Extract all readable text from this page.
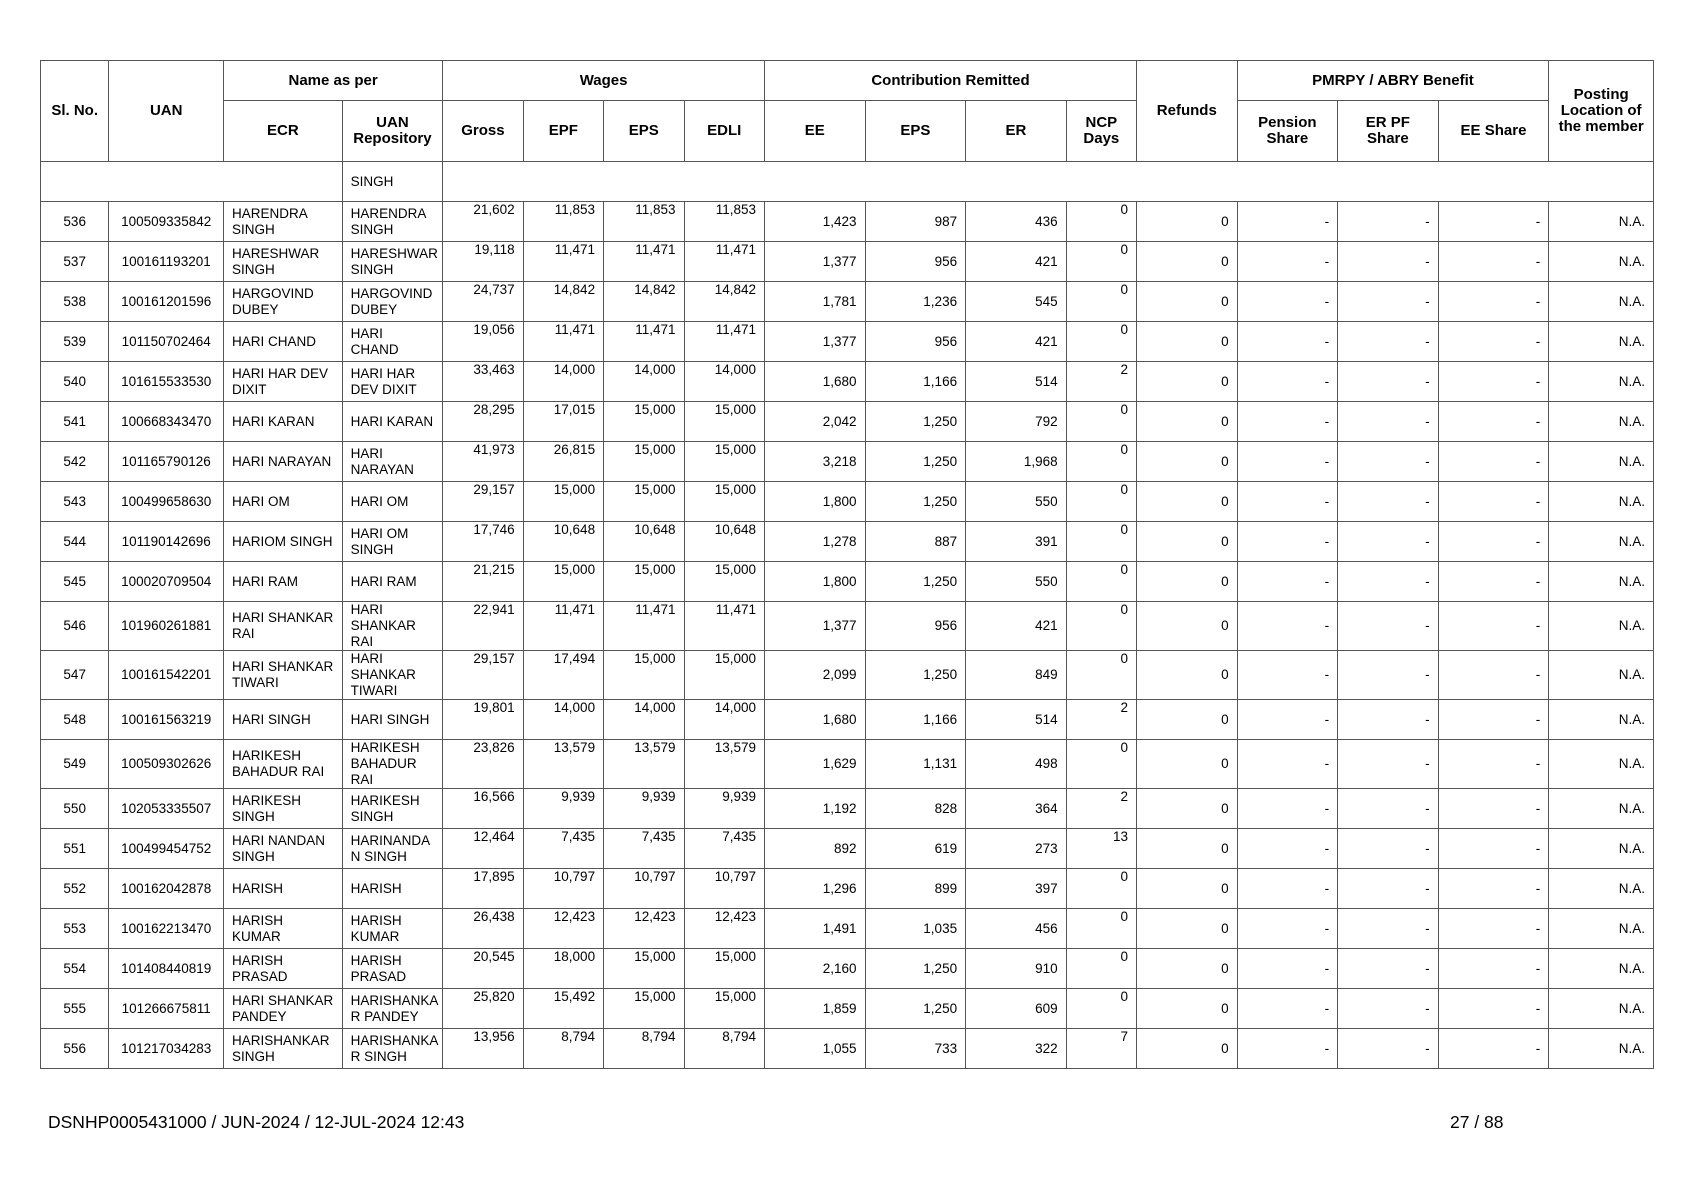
Sl. No.	UAN	Name as per		Wages				Contribution Remitted				Refunds	PMRPY / ABRY Benefit			Posting Location of the member
		ECR	UAN Repository	Gross	EPF	EPS	EDLI	EE	EPS	ER	NCP Days		Pension Share	ER PF Share	EE Share	
			SINGH													
536	100509335842	HARENDRA SINGH	HARENDRA SINGH	21,602	11,853	11,853	11,853	1,423	987	436	0	0	-	-	-	N.A.
537	100161193201	HARESHWAR SINGH	HARESHWAR SINGH	19,118	11,471	11,471	11,471	1,377	956	421	0	0	-	-	-	N.A.
538	100161201596	HARGOVIND DUBEY	HARGOVIND DUBEY	24,737	14,842	14,842	14,842	1,781	1,236	545	0	0	-	-	-	N.A.
539	101150702464	HARI CHAND	HARI CHAND	19,056	11,471	11,471	11,471	1,377	956	421	0	0	-	-	-	N.A.
540	101615533530	HARI HAR DEV DIXIT	HARI HAR DEV DIXIT	33,463	14,000	14,000	14,000	1,680	1,166	514	2	0	-	-	-	N.A.
541	100668343470	HARI KARAN	HARI KARAN	28,295	17,015	15,000	15,000	2,042	1,250	792	0	0	-	-	-	N.A.
542	101165790126	HARI NARAYAN	HARI NARAYAN	41,973	26,815	15,000	15,000	3,218	1,250	1,968	0	0	-	-	-	N.A.
543	100499658630	HARI OM	HARI OM	29,157	15,000	15,000	15,000	1,800	1,250	550	0	0	-	-	-	N.A.
544	101190142696	HARIOM SINGH	HARI OM SINGH	17,746	10,648	10,648	10,648	1,278	887	391	0	0	-	-	-	N.A.
545	100020709504	HARI RAM	HARI RAM	21,215	15,000	15,000	15,000	1,800	1,250	550	0	0	-	-	-	N.A.
546	101960261881	HARI SHANKAR RAI	HARI SHANKAR RAI	22,941	11,471	11,471	11,471	1,377	956	421	0	0	-	-	-	N.A.
547	100161542201	HARI SHANKAR TIWARI	HARI SHANKAR TIWARI	29,157	17,494	15,000	15,000	2,099	1,250	849	0	0	-	-	-	N.A.
548	100161563219	HARI SINGH	HARI SINGH	19,801	14,000	14,000	14,000	1,680	1,166	514	2	0	-	-	-	N.A.
549	100509302626	HARIKESH BAHADUR RAI	HARIKESH BAHADUR RAI	23,826	13,579	13,579	13,579	1,629	1,131	498	0	0	-	-	-	N.A.
550	102053335507	HARIKESH SINGH	HARIKESH SINGH	16,566	9,939	9,939	9,939	1,192	828	364	2	0	-	-	-	N.A.
551	100499454752	HARI NANDAN SINGH	HARINANDA N SINGH	12,464	7,435	7,435	7,435	892	619	273	13	0	-	-	-	N.A.
552	100162042878	HARISH	HARISH	17,895	10,797	10,797	10,797	1,296	899	397	0	0	-	-	-	N.A.
553	100162213470	HARISH KUMAR	HARISH KUMAR	26,438	12,423	12,423	12,423	1,491	1,035	456	0	0	-	-	-	N.A.
554	101408440819	HARISH PRASAD	HARISH PRASAD	20,545	18,000	15,000	15,000	2,160	1,250	910	0	0	-	-	-	N.A.
555	101266675811	HARI SHANKAR PANDEY	HARISHANKA R PANDEY	25,820	15,492	15,000	15,000	1,859	1,250	609	0	0	-	-	-	N.A.
556	101217034283	HARISHANKAR SINGH	HARISHANKA R SINGH	13,956	8,794	8,794	8,794	1,055	733	322	7	0	-	-	-	N.A.
DSNHP0005431000 / JUN-2024 / 12-JUL-2024 12:43	27 / 88
